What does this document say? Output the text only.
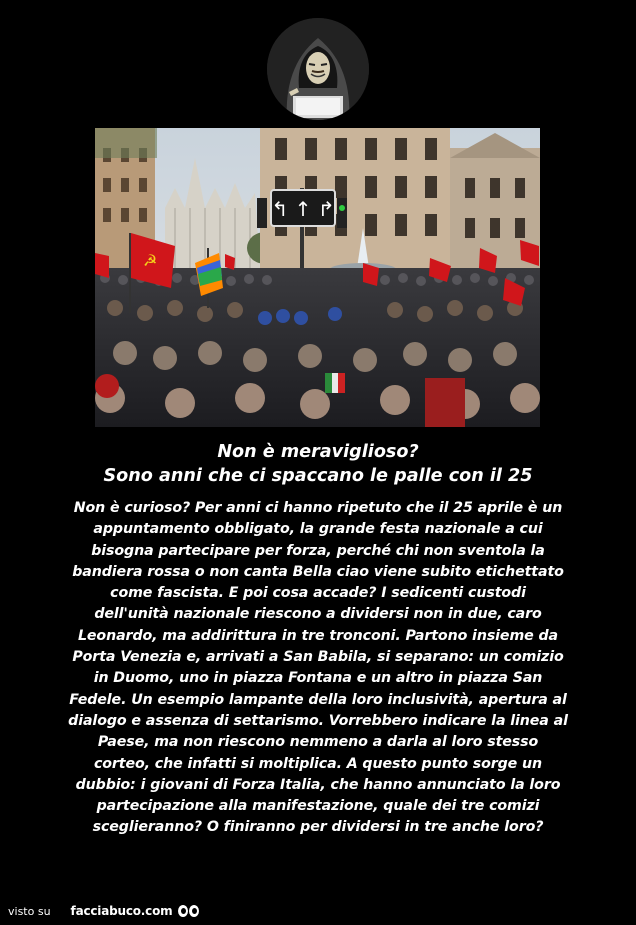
↰ ↑ ↱
☭

Non è meraviglioso?

Sono anni che ci spaccano le palle con il 25

Non è curioso? Per anni ci hanno ripetuto che il 25 aprile è un
appuntamento obbligato, la grande festa nazionale a cui
bisogna partecipare per forza, perché chi non sventola la
bandiera rossa o non canta Bella ciao viene subito etichettato
come fascista. E poi cosa accade? I sedicenti custodi
dell'unità nazionale riescono a dividersi non in due, caro
Leonardo, ma addirittura in tre tronconi. Partono insieme da
Porta Venezia e, arrivati a San Babila, si separano: un comizio
in Duomo, uno in piazza Fontana e un altro in piazza San
Fedele. Un esempio lampante della loro inclusività, apertura al
dialogo e assenza di settarismo. Vorrebbero indicare la linea al
Paese, ma non riescono nemmeno a darla al loro stesso
corteo, che infatti si moltiplica. A questo punto sorge un
dubbio: i giovani di Forza Italia, che hanno annunciato la loro
partecipazione alla manifestazione, quale dei tre comizi
sceglieranno? O finiranno per dividersi in tre anche loro?
visto su facciabuco.com
